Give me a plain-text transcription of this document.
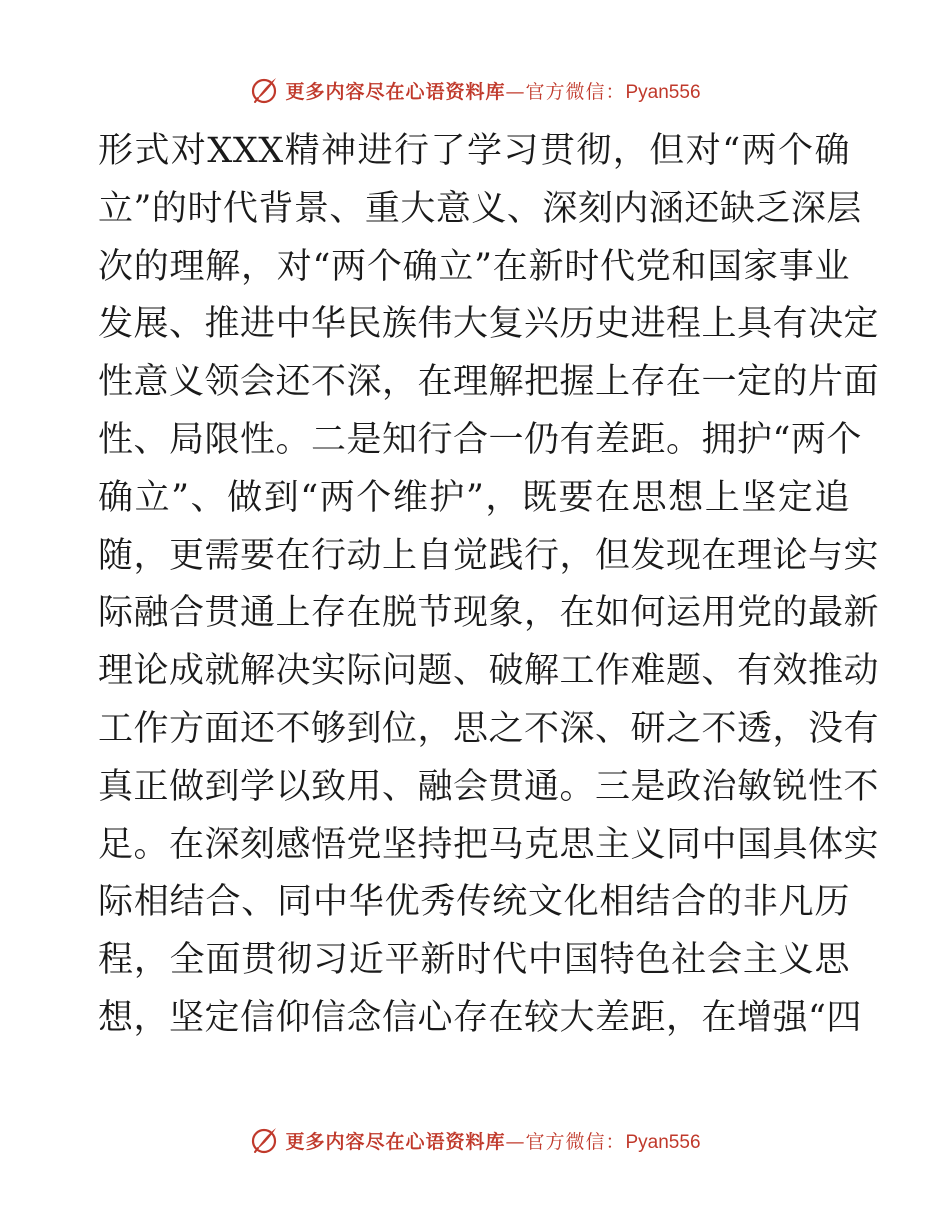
更多内容尽在心语资料库—官方微信：Pyan556
形式对XXX精神进行了学习贯彻，但对“两个确
立”的时代背景、重大意义、深刻内涵还缺乏深层
次的理解，对“两个确立”在新时代党和国家事业
发展、推进中华民族伟大复兴历史进程上具有决定
性意义领会还不深，在理解把握上存在一定的片面
性、局限性。二是知行合一仍有差距。拥护“两个
确立”、做到“两个维护”，既要在思想上坚定追
随，更需要在行动上自觉践行，但发现在理论与实
际融合贯通上存在脱节现象，在如何运用党的最新
理论成就解决实际问题、破解工作难题、有效推动
工作方面还不够到位，思之不深、研之不透，没有
真正做到学以致用、融会贯通。三是政治敏锐性不
足。在深刻感悟党坚持把马克思主义同中国具体实
际相结合、同中华优秀传统文化相结合的非凡历
程，全面贯彻习近平新时代中国特色社会主义思
想，坚定信仰信念信心存在较大差距，在增强“四
更多内容尽在心语资料库—官方微信：Pyan556
